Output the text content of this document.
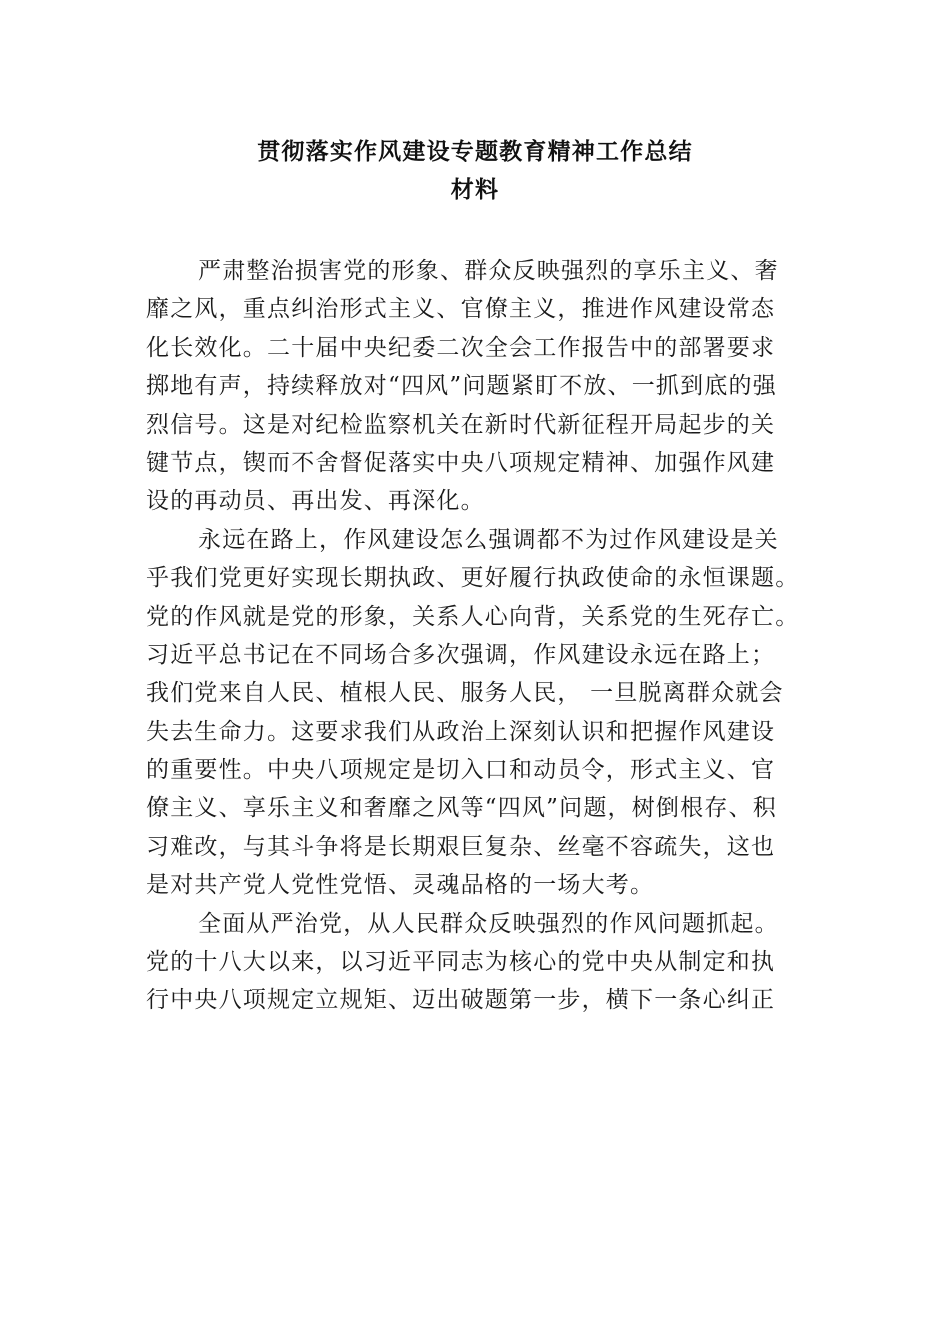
贯彻落实作风建设专题教育精神工作总结
材料
严肃整治损害党的形象、群众反映强烈的享乐主义、奢
靡之风，重点纠治形式主义、官僚主义，推进作风建设常态
化长效化。二十届中央纪委二次全会工作报告中的部署要求
掷地有声，持续释放对“四风”问题紧盯不放、一抓到底的强
烈信号。这是对纪检监察机关在新时代新征程开局起步的关
键节点，锲而不舍督促落实中央八项规定精神、加强作风建
设的再动员、再出发、再深化。
永远在路上，作风建设怎么强调都不为过作风建设是关
乎我们党更好实现长期执政、更好履行执政使命的永恒课题。
党的作风就是党的形象，关系人心向背，关系党的生死存亡。
习近平总书记在不同场合多次强调，作风建设永远在路上；
我们党来自人民、植根人民、服务人民， 一旦脱离群众就会
失去生命力。这要求我们从政治上深刻认识和把握作风建设
的重要性。中央八项规定是切入口和动员令，形式主义、官
僚主义、享乐主义和奢靡之风等“四风”问题，树倒根存、积
习难改，与其斗争将是长期艰巨复杂、丝毫不容疏失，这也
是对共产党人党性党悟、灵魂品格的一场大考。
全面从严治党，从人民群众反映强烈的作风问题抓起。
党的十八大以来，以习近平同志为核心的党中央从制定和执
行中央八项规定立规矩、迈出破题第一步，横下一条心纠正
